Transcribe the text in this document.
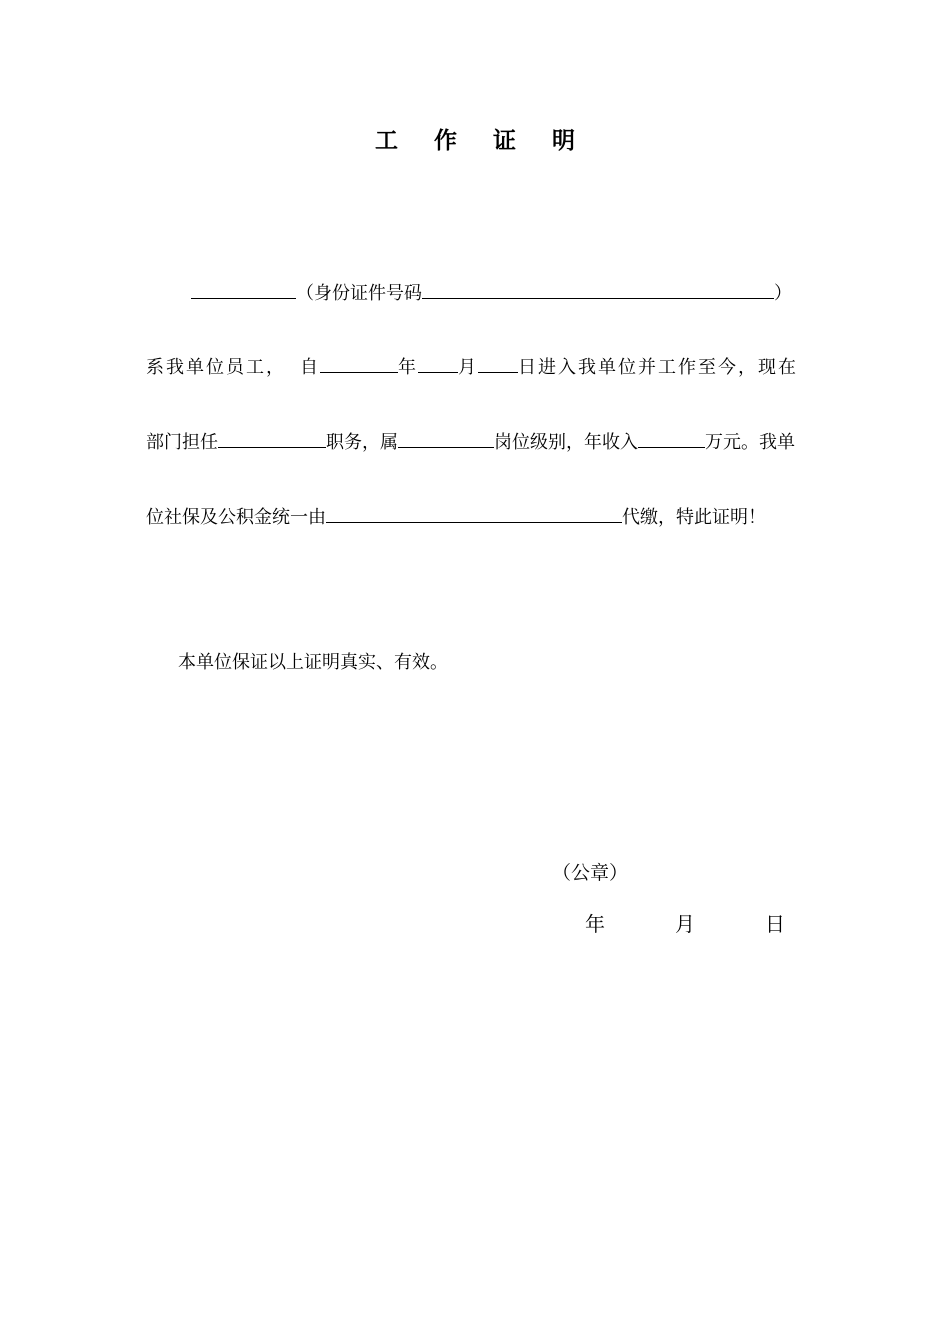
工 作 证 明
（身份证件号码	）
系我单位员工， 自	年 月 日进入我单位并工作至今，现在
部门担任	职务，属	岗位级别，年收入	万元。我单
位社保及公积金统一由	代缴，特此证明！
本单位保证以上证明真实、有效。
（公章）
年	月	日
